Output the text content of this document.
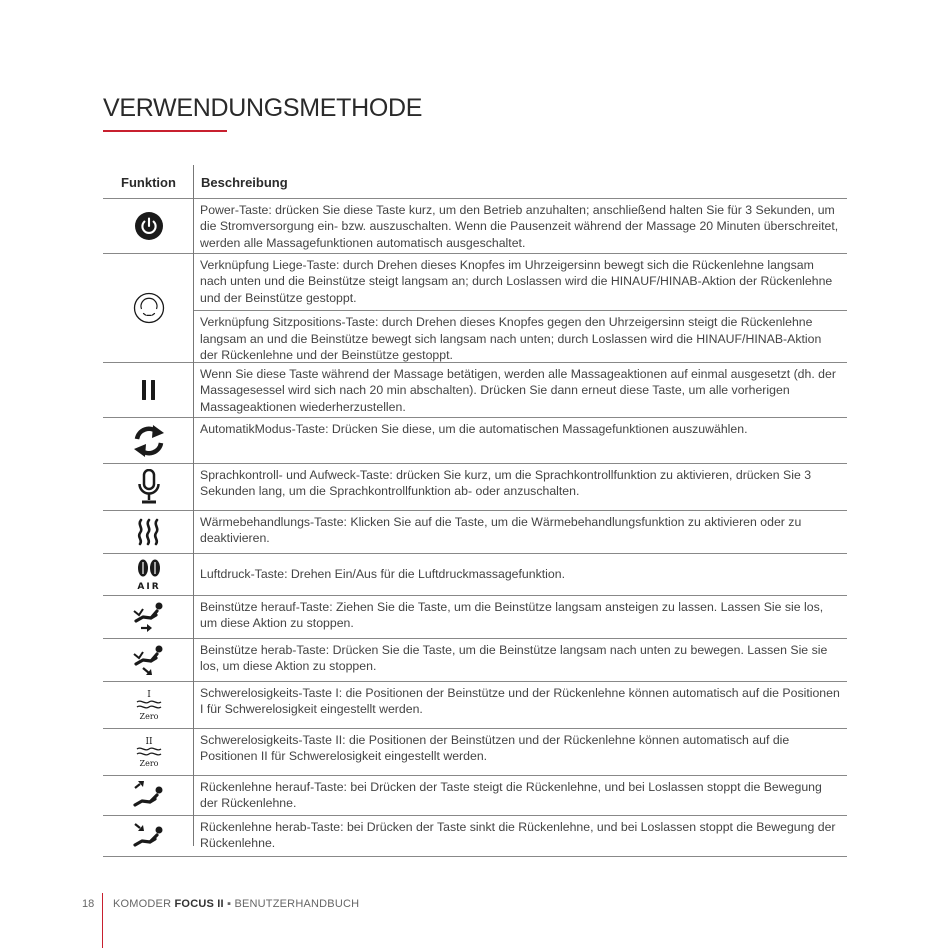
VERWENDUNGSMETHODE
Funktion	Beschreibung
Power-Taste: drücken Sie diese Taste kurz, um den Betrieb anzuhalten; anschließend halten Sie für 3 Sekunden, um die Stromversorgung ein- bzw. auszuschalten. Wenn die Pausenzeit während der Massage 20 Minuten überschreitet, werden alle Massagefunktionen automatisch ausgeschaltet.
Verknüpfung Liege-Taste: durch Drehen dieses Knopfes im Uhrzeigersinn bewegt sich die Rückenlehne langsam nach unten und die Beinstütze steigt langsam an; durch Loslassen wird die HINAUF/HINAB-Aktion der Rückenlehne und der Beinstütze gestoppt.
Verknüpfung Sitzpositions-Taste: durch Drehen dieses Knopfes gegen den Uhrzeigersinn steigt die Rückenlehne langsam an und die Beinstütze bewegt sich langsam nach unten; durch Loslassen wird die HINAUF/HINAB-Aktion der Rückenlehne und der Beinstütze gestoppt.
Wenn Sie diese Taste während der Massage betätigen, werden alle Massageaktionen auf einmal ausgesetzt (dh. der Massagesessel wird sich nach 20 min abschalten). Drücken Sie dann erneut diese Taste, um alle vorherigen Massageaktionen wiederherzustellen.
AutomatikModus-Taste: Drücken Sie diese, um die automatischen Massagefunktionen auszuwählen.
Sprachkontroll- und Aufweck-Taste: drücken Sie kurz, um die Sprachkontrollfunktion zu aktivieren, drücken Sie 3 Sekunden lang, um die Sprachkontrollfunktion ab- oder anzuschalten.
Wärmebehandlungs-Taste: Klicken Sie auf die Taste, um die Wärmebehandlungsfunktion zu aktivieren oder zu deaktivieren.
AIR
Luftdruck-Taste: Drehen Ein/Aus für die Luftdruckmassagefunktion.
Beinstütze herauf-Taste: Ziehen Sie die Taste, um die Beinstütze langsam ansteigen zu lassen. Lassen Sie sie los, um diese Aktion zu stoppen.
Beinstütze herab-Taste: Drücken Sie die Taste, um die Beinstütze langsam nach unten zu bewegen. Lassen Sie sie los, um diese Aktion zu stoppen.
I
Zero
Schwerelosigkeits-Taste I: die Positionen der Beinstütze und der Rückenlehne können automatisch auf die Positionen I für Schwerelosigkeit eingestellt werden.
II
Zero
Schwerelosigkeits-Taste II: die Positionen der Beinstützen und der Rückenlehne können automatisch auf die Positionen II für Schwerelosigkeit eingestellt werden.
Rückenlehne herauf-Taste: bei Drücken der Taste steigt die Rückenlehne, und bei Loslassen stoppt die Bewegung der Rückenlehne.
Rückenlehne herab-Taste: bei Drücken der Taste sinkt die Rückenlehne, und bei Loslassen stoppt die Bewegung der Rückenlehne.
18 KOMODER FOCUS II ▪ BENUTZERHANDBUCH
